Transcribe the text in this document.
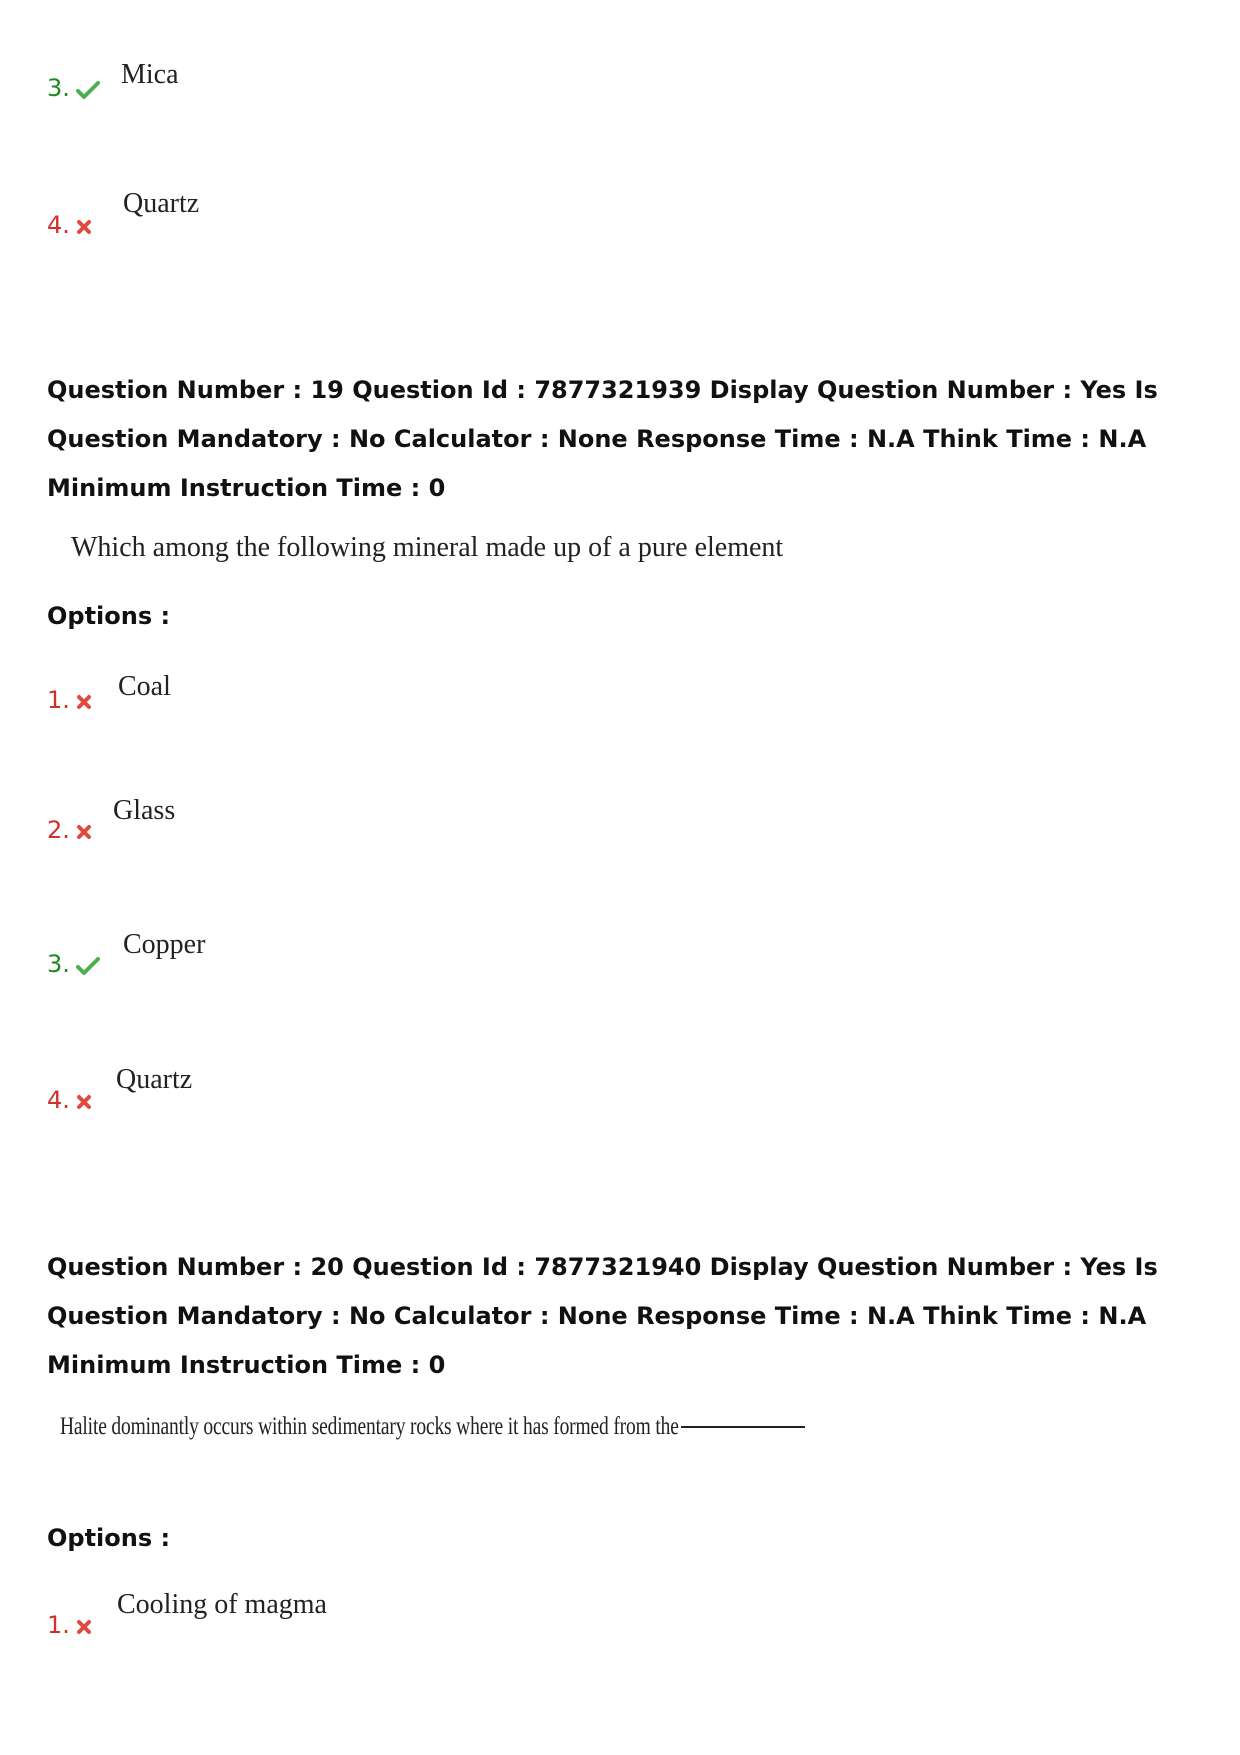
3.	Mica
4.
Quartz
Question Number : 19 Question Id : 7877321939 Display Question Number : Yes Is Question Mandatory : No Calculator : None Response Time : N.A Think Time : N.A Minimum Instruction Time : 0
Which among the following mineral made up of a pure element
Options :
1.	Coal
2.
Glass
3.
Copper
4.
Quartz
Question Number : 20 Question Id : 7877321940 Display Question Number : Yes Is Question Mandatory : No Calculator : None Response Time : N.A Think Time : N.A Minimum Instruction Time : 0
Halite dominantly occurs within sedimentary rocks where it has formed from the
Options :
1.
Cooling of magma
